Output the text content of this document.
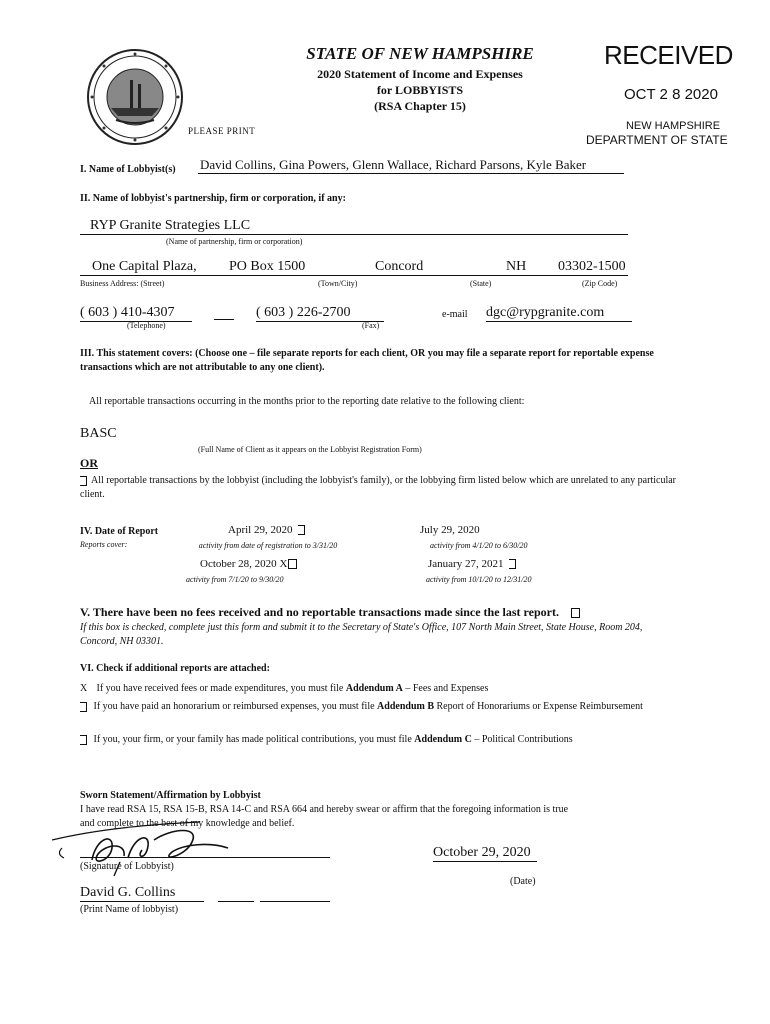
STATE OF NEW HAMPSHIRE
2020 Statement of Income and Expenses
for LOBBYISTS
(RSA Chapter 15)
PLEASE PRINT
RECEIVED
OCT 2 8 2020
NEW HAMPSHIRE
DEPARTMENT OF STATE
I. Name of Lobbyist(s) David Collins, Gina Powers, Glenn Wallace, Richard Parsons, Kyle Baker
II. Name of lobbyist's partnership, firm or corporation, if any:
RYP Granite Strategies LLC
(Name of partnership, firm or corporation)
One Capital Plaza, PO Box 1500	Concord	NH 03302-1500
Business Address: (Street)	(Town/City)	(State)	(Zip Code)
( 603 ) 410-4307	( 603 ) 226-2700
(Telephone)	(Fax)
e-mail dgc@rypgranite.com
III. This statement covers: (Choose one – file separate reports for each client, OR you may file a separate report for reportable expense transactions which are not attributable to any one client).
All reportable transactions occurring in the months prior to the reporting date relative to the following client:
BASC
(Full Name of Client as it appears on the Lobbyist Registration Form)
OR
All reportable transactions by the lobbyist (including the lobbyist's family), or the lobbying firm listed below which are unrelated to any particular client.
IV. Date of Report
Reports cover:
April 29, 2020
activity from date of registration to 3/31/20
October 28, 2020 X
activity from 7/1/20 to 9/30/20
July 29, 2020
activity from 4/1/20 to 6/30/20
January 27, 2021
activity from 10/1/20 to 12/31/20
V. There have been no fees received and no reportable transactions made since the last report.
If this box is checked, complete just this form and submit it to the Secretary of State's Office, 107 North Main Street, State House, Room 204, Concord, NH 03301.
VI. Check if additional reports are attached:
X If you have received fees or made expenditures, you must file Addendum A – Fees and Expenses
If you have paid an honorarium or reimbursed expenses, you must file Addendum B Report of Honorariums or Expense Reimbursement
If you, your firm, or your family has made political contributions, you must file Addendum C – Political Contributions
Sworn Statement/Affirmation by Lobbyist
I have read RSA 15, RSA 15-B, RSA 14-C and RSA 664 and hereby swear or affirm that the foregoing information is true
and complete to the best of my knowledge and belief.
(Signature of Lobbyist)
October 29, 2020
(Date)
David G. Collins
(Print Name of lobbyist)
